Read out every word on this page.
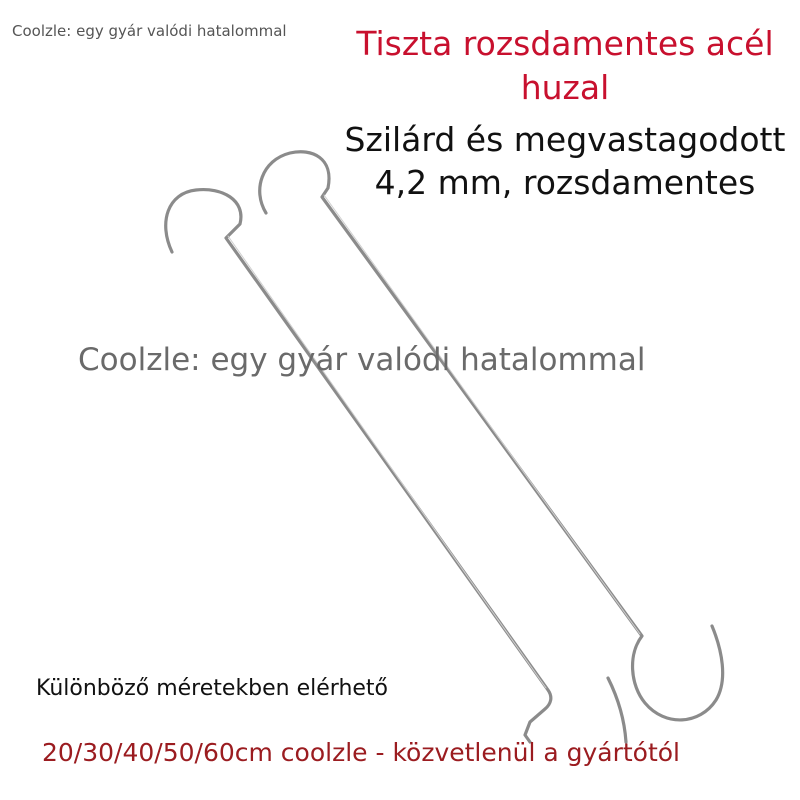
Coolzle: egy gyár valódi hatalommal	Tiszta rozsdamentes acél huzal
Szilárd és megvastagodott 4,2 mm, rozsdamentes
Coolzle: egy gyár valódi hatalommal
Különböző méretekben elérhető
20/30/40/50/60cm coolzle - közvetlenül a gyártótól
